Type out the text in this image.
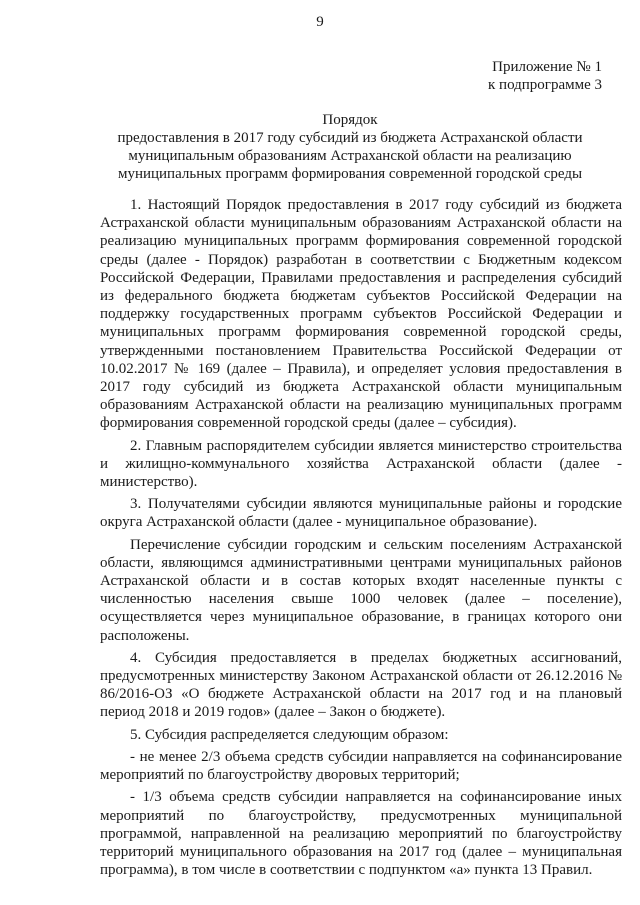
9
Приложение № 1
к подпрограмме 3
Порядок
предоставления в 2017 году субсидий из бюджета Астраханской области муниципальным образованиям Астраханской области на реализацию муниципальных программ формирования современной городской среды

1. Настоящий Порядок предоставления в 2017 году субсидий из бюджета Астраханской области муниципальным образованиям Астраханской области на реализацию муниципальных программ формирования современной городской среды (далее - Порядок) разработан в соответствии с Бюджетным кодексом Российской Федерации, Правилами предоставления и распределения субсидий из федерального бюджета бюджетам субъектов Российской Федерации на поддержку государственных программ субъектов Российской Федерации и муниципальных программ формирования современной городской среды, утвержденными постановлением Правительства Российской Федерации от 10.02.2017 № 169 (далее – Правила), и определяет условия предоставления в 2017 году субсидий из бюджета Астраханской области муниципальным образованиям Астраханской области на реализацию муниципальных программ формирования современной городской среды (далее – субсидия).

2. Главным распорядителем субсидии является министерство строительства и жилищно-коммунального хозяйства Астраханской области (далее - министерство).

3. Получателями субсидии являются муниципальные районы и городские округа Астраханской области (далее - муниципальное образование).

Перечисление субсидии городским и сельским поселениям Астраханской области, являющимся административными центрами муниципальных районов Астраханской области и в состав которых входят населенные пункты с численностью населения свыше 1000 человек (далее – поселение), осуществляется через муниципальное образование, в границах которого они расположены.

4. Субсидия предоставляется в пределах бюджетных ассигнований, предусмотренных министерству Законом Астраханской области от 26.12.2016 № 86/2016-ОЗ «О бюджете Астраханской области на 2017 год и на плановый период 2018 и 2019 годов» (далее – Закон о бюджете).

5. Субсидия распределяется следующим образом:

- не менее 2/3 объема средств субсидии направляется на софинансирование мероприятий по благоустройству дворовых территорий;

- 1/3 объема средств субсидии направляется на софинансирование иных мероприятий по благоустройству, предусмотренных муниципальной программой, направленной на реализацию мероприятий по благоустройству территорий муниципального образования на 2017 год (далее – муниципальная программа), в том числе в соответствии с подпунктом «а» пункта 13 Правил.
